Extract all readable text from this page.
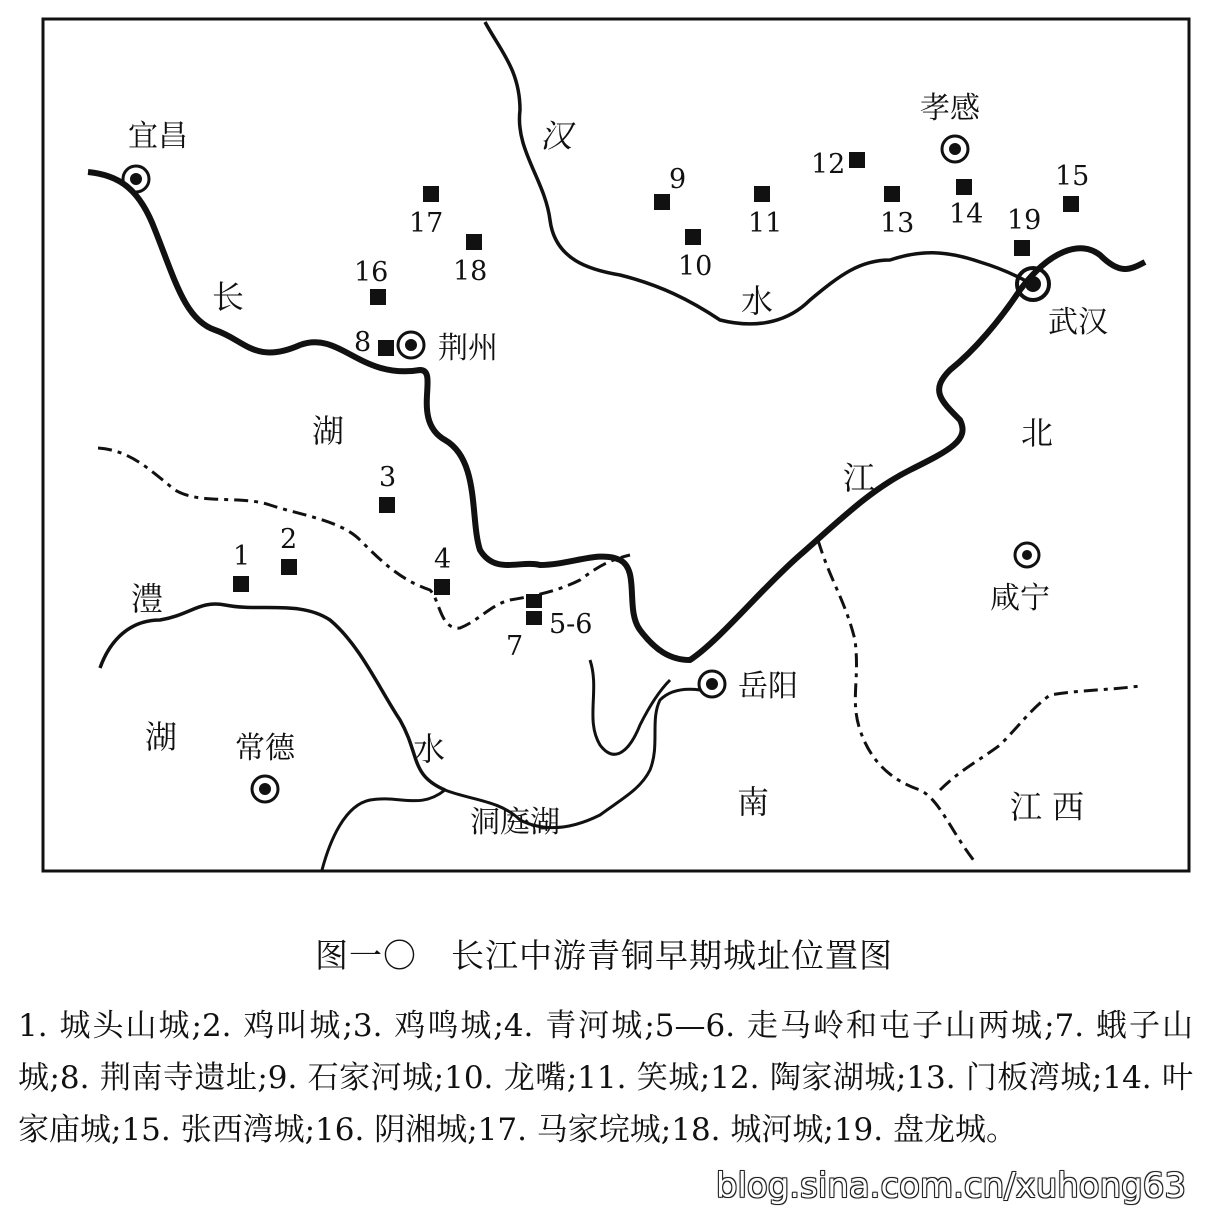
宜昌
荆州
孝感
武汉
咸宁
岳阳
常德
1
2
3
4
5-6
7
8
9
10
11
12
13 14
15
16
17
18
19
汉
水
长
湖
江
北
澧
水
湖
南
洞庭湖	江 西
图一〇　长江中游青铜早期城址位置图
1. 城头山城;2. 鸡叫城;3. 鸡鸣城;4. 青河城;5—6. 走马岭和屯子山两城;7. 蛾子山城;8. 荆南寺遗址;9. 石家河城;10. 龙嘴;11. 笑城;12. 陶家湖城;13. 门板湾城;14. 叶家庙城;15. 张西湾城;16. 阴湘城;17. 马家垸城;18. 城河城;19. 盘龙城。
blog.sina.com.cn/xuhong63
